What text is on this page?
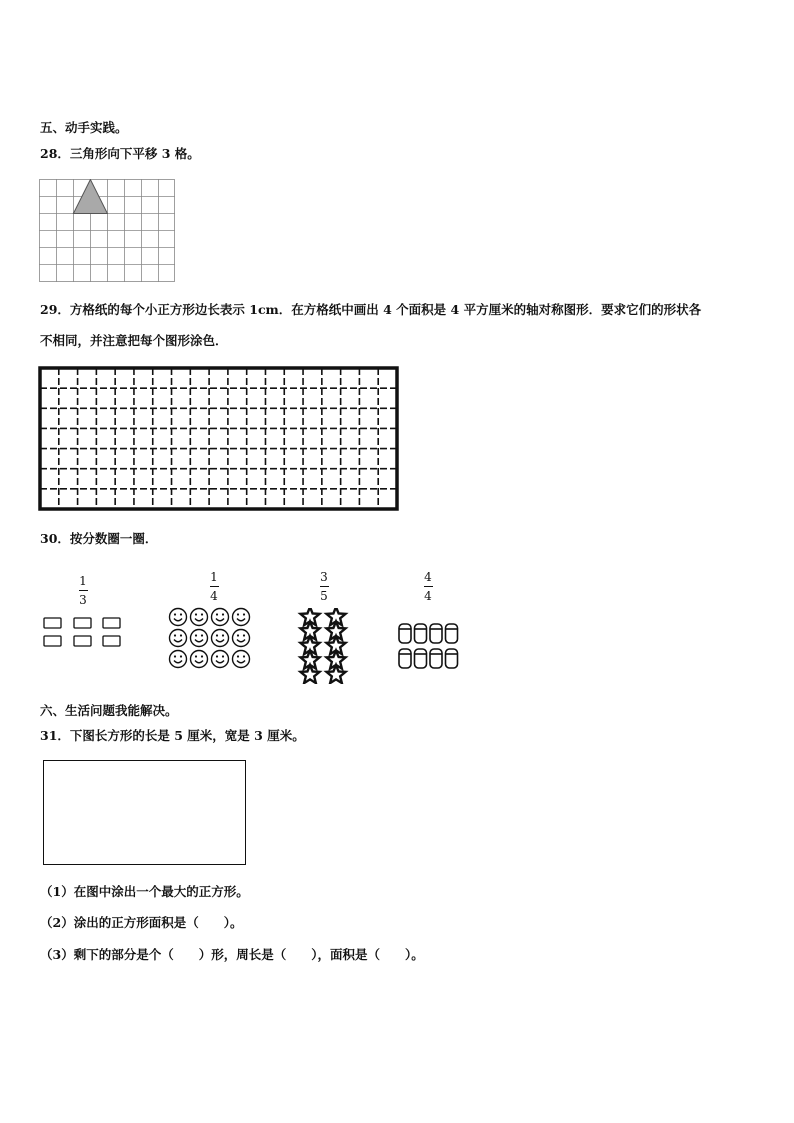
五、动手实践。
28．三角形向下平移 3 格。
29．方格纸的每个小正方形边长表示 1cm．在方格纸中画出 4 个面积是 4 平方厘米的轴对称图形．要求它们的形状各
不相同，并注意把每个图形涂色．
30．按分数圈一圈．
1
3
1
4
3
5
4
4
六、生活问题我能解决。
31．下图长方形的长是 5 厘米，宽是 3 厘米。
（1）在图中涂出一个最大的正方形。
（2）涂出的正方形面积是（　　）。
（3）剩下的部分是个（　　）形，周长是（　　），面积是（　　）。
